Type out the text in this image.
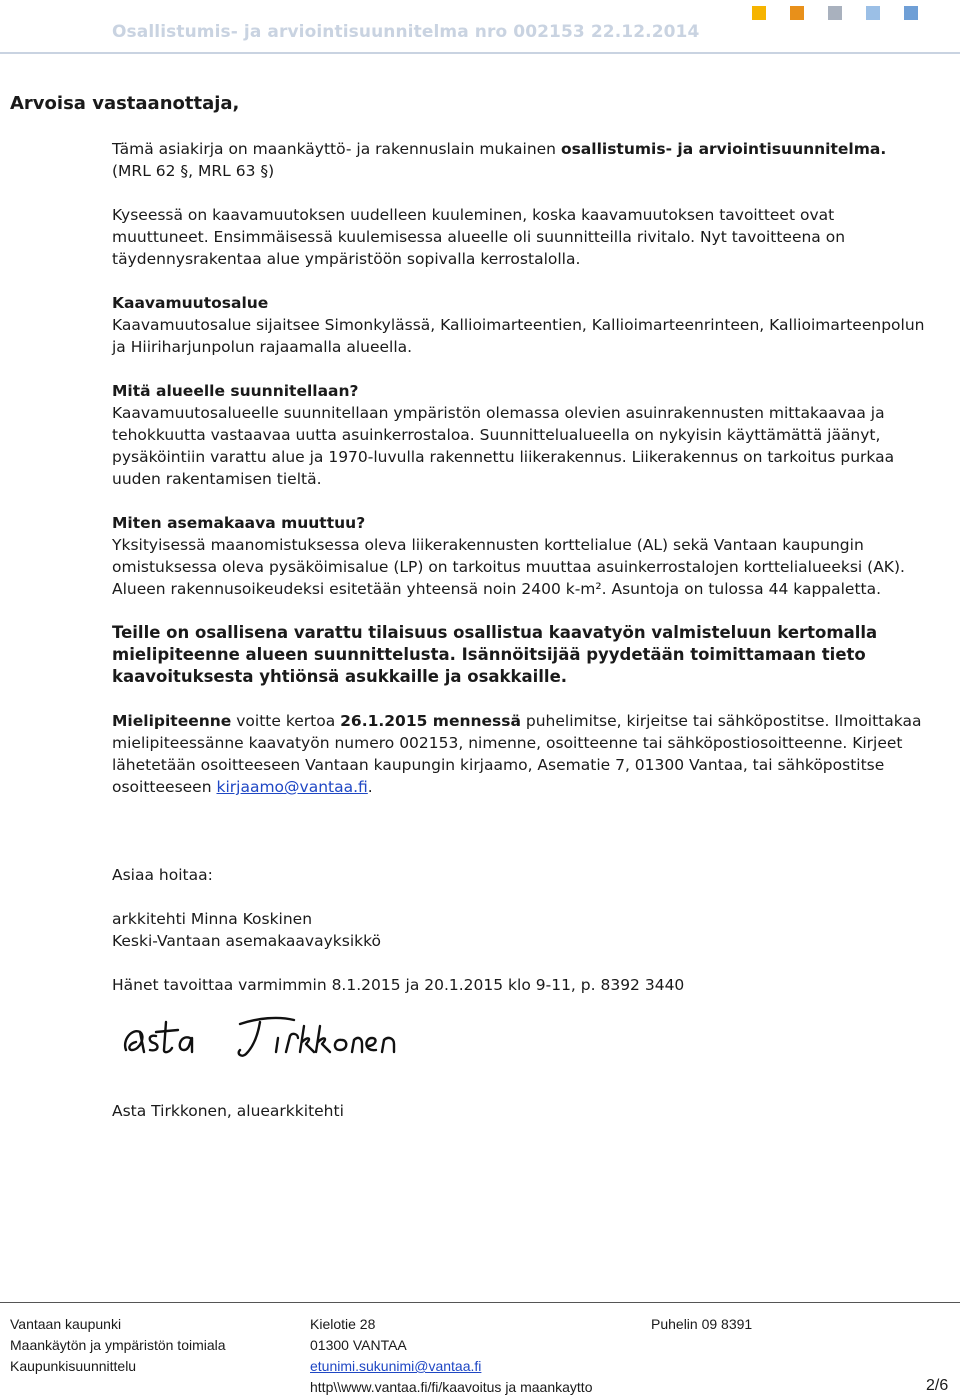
Osallistumis- ja arviointisuunnitelma nro 002153 22.12.2014
Arvoisa vastaanottaja,

Tämä asiakirja on maankäyttö- ja rakennuslain mukainen osallistumis- ja arviointisuunnitelma.

(MRL 62 §, MRL 63 §)

Kyseessä on kaavamuutoksen uudelleen kuuleminen, koska kaavamuutoksen tavoitteet ovat muuttuneet. Ensimmäisessä kuulemisessa alueelle oli suunnitteilla rivitalo. Nyt tavoitteena on täydennysrakentaa alue ympäristöön sopivalla kerrostalolla.

Kaavamuutosalue

Kaavamuutosalue sijaitsee Simonkylässä, Kallioimarteentien, Kallioimarteenrinteen, Kallioimarteenpolun ja Hiiriharjunpolun rajaamalla alueella.

Mitä alueelle suunnitellaan?

Kaavamuutosalueelle suunnitellaan ympäristön olemassa olevien asuinrakennusten mittakaavaa ja tehokkuutta vastaavaa uutta asuinkerrostaloa. Suunnittelualueella on nykyisin käyttämättä jäänyt, pysäköintiin varattu alue ja 1970-luvulla rakennettu liikerakennus. Liikerakennus on tarkoitus purkaa uuden rakentamisen tieltä.

Miten asemakaava muuttuu?

Yksityisessä maanomistuksessa oleva liikerakennusten korttelialue (AL) sekä Vantaan kaupungin omistuksessa oleva pysäköimisalue (LP) on tarkoitus muuttaa asuinkerrostalojen korttelialueeksi (AK). Alueen rakennusoikeudeksi esitetään yhteensä noin 2400 k-m². Asuntoja on tulossa 44 kappaletta.

Teille on osallisena varattu tilaisuus osallistua kaavatyön valmisteluun kertomalla mielipiteenne alueen suunnittelusta. Isännöitsijää pyydetään toimittamaan tieto kaavoituksesta yhtiönsä asukkaille ja osakkaille.

Mielipiteenne voitte kertoa 26.1.2015 mennessä puhelimitse, kirjeitse tai sähköpostitse. Ilmoittakaa mielipiteessänne kaavatyön numero 002153, nimenne, osoitteenne tai sähköpostiosoitteenne. Kirjeet lähetetään osoitteeseen Vantaan kaupungin kirjaamo, Asematie 7, 01300 Vantaa, tai sähköpostitse osoitteeseen kirjaamo@vantaa.fi.

Asiaa hoitaa:

arkkitehti Minna Koskinen

Keski-Vantaan asemakaavayksikkö

Hänet tavoittaa varmimmin 8.1.2015 ja 20.1.2015 klo 9-11, p. 8392 3440

Asta Tirkkonen, aluearkkitehti
Vantaan kaupunki
Maankäytön ja ympäristön toimiala
Kaupunkisuunnittelu
Kielotie 28
01300 VANTAA
etunimi.sukunimi@vantaa.fi
http\\www.vantaa.fi/fi/kaavoitus ja maankaytto
Puhelin 09 8391
2/6
